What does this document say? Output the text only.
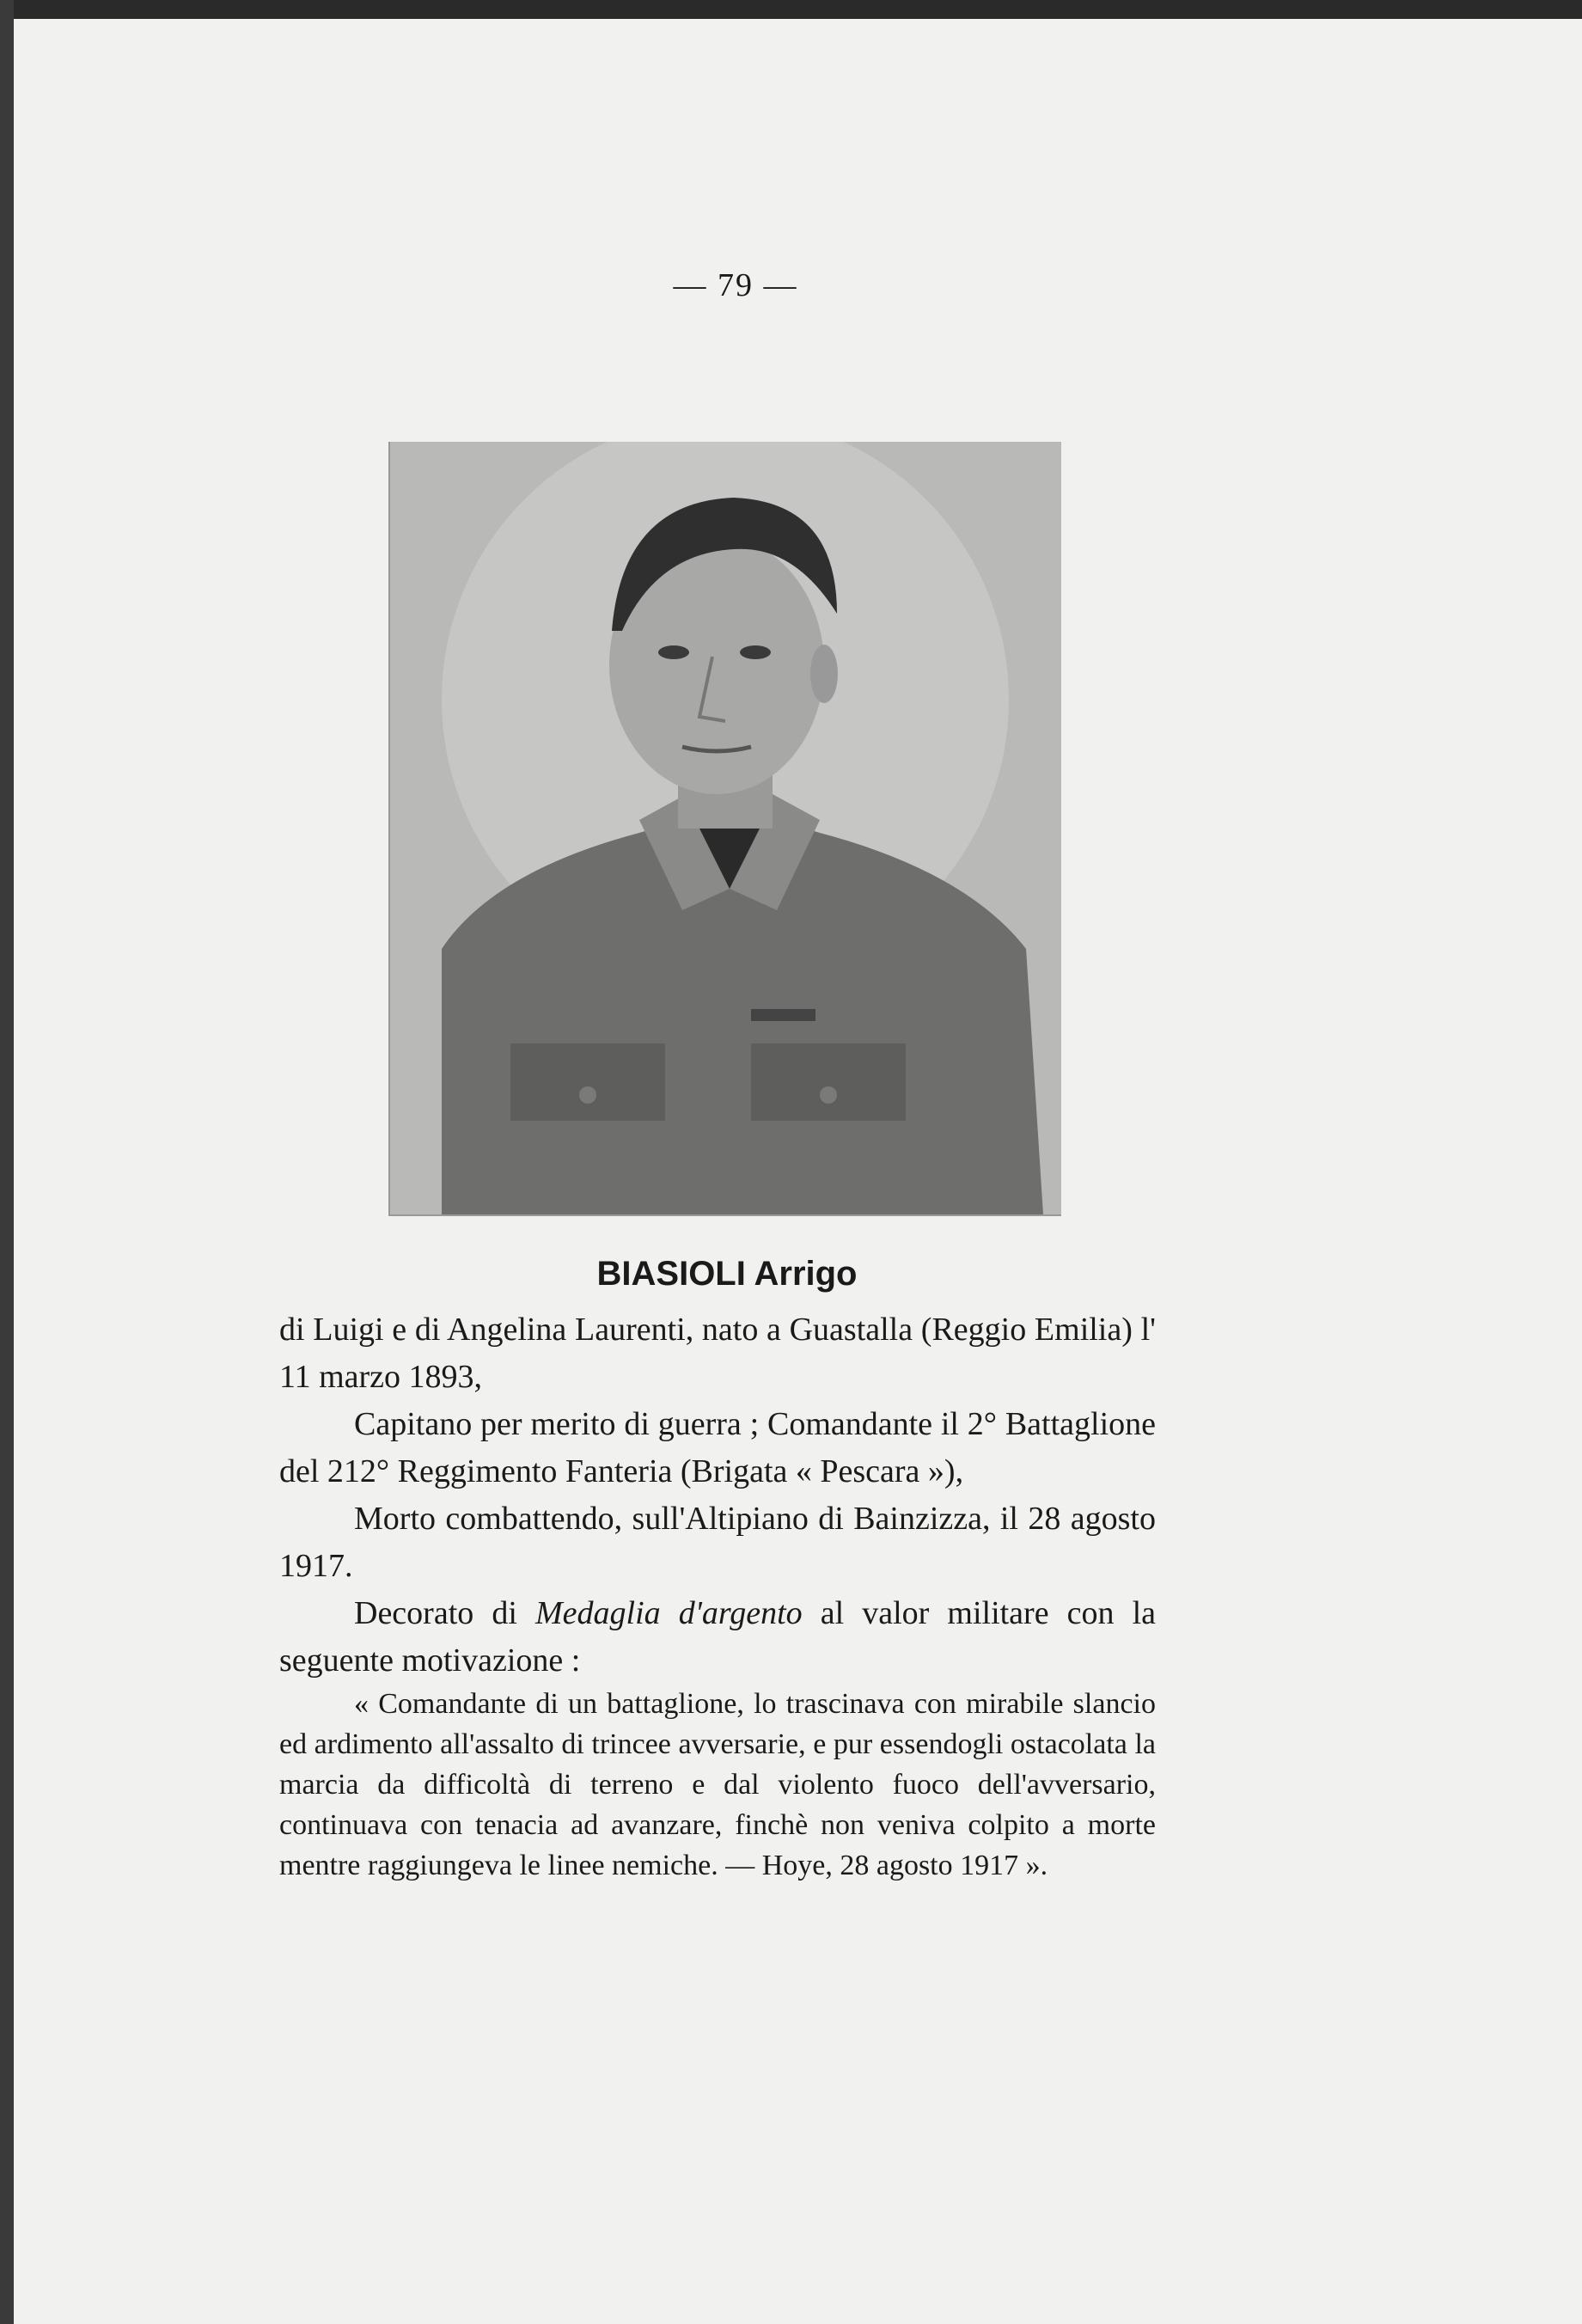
— 79 —
BIASIOLI Arrigo

di Luigi e di Angelina Laurenti, nato a Guastalla (Reggio Emilia) l' 11 marzo 1893,

Capitano per merito di guerra ; Comandante il 2° Battaglione del 212° Reggimento Fanteria (Brigata « Pescara »),

Morto combattendo, sull'Altipiano di Bainzizza, il 28 agosto 1917.

Decorato di Medaglia d'argento al valor militare con la seguente motivazione :

« Comandante di un battaglione, lo trascinava con mirabile slancio ed ardimento all'assalto di trincee avversarie, e pur essendogli ostacolata la marcia da difficoltà di terreno e dal violento fuoco dell'avversario, continuava con tenacia ad avanzare, finchè non veniva colpito a morte mentre raggiungeva le linee nemiche. — Hoye, 28 agosto 1917 ».
